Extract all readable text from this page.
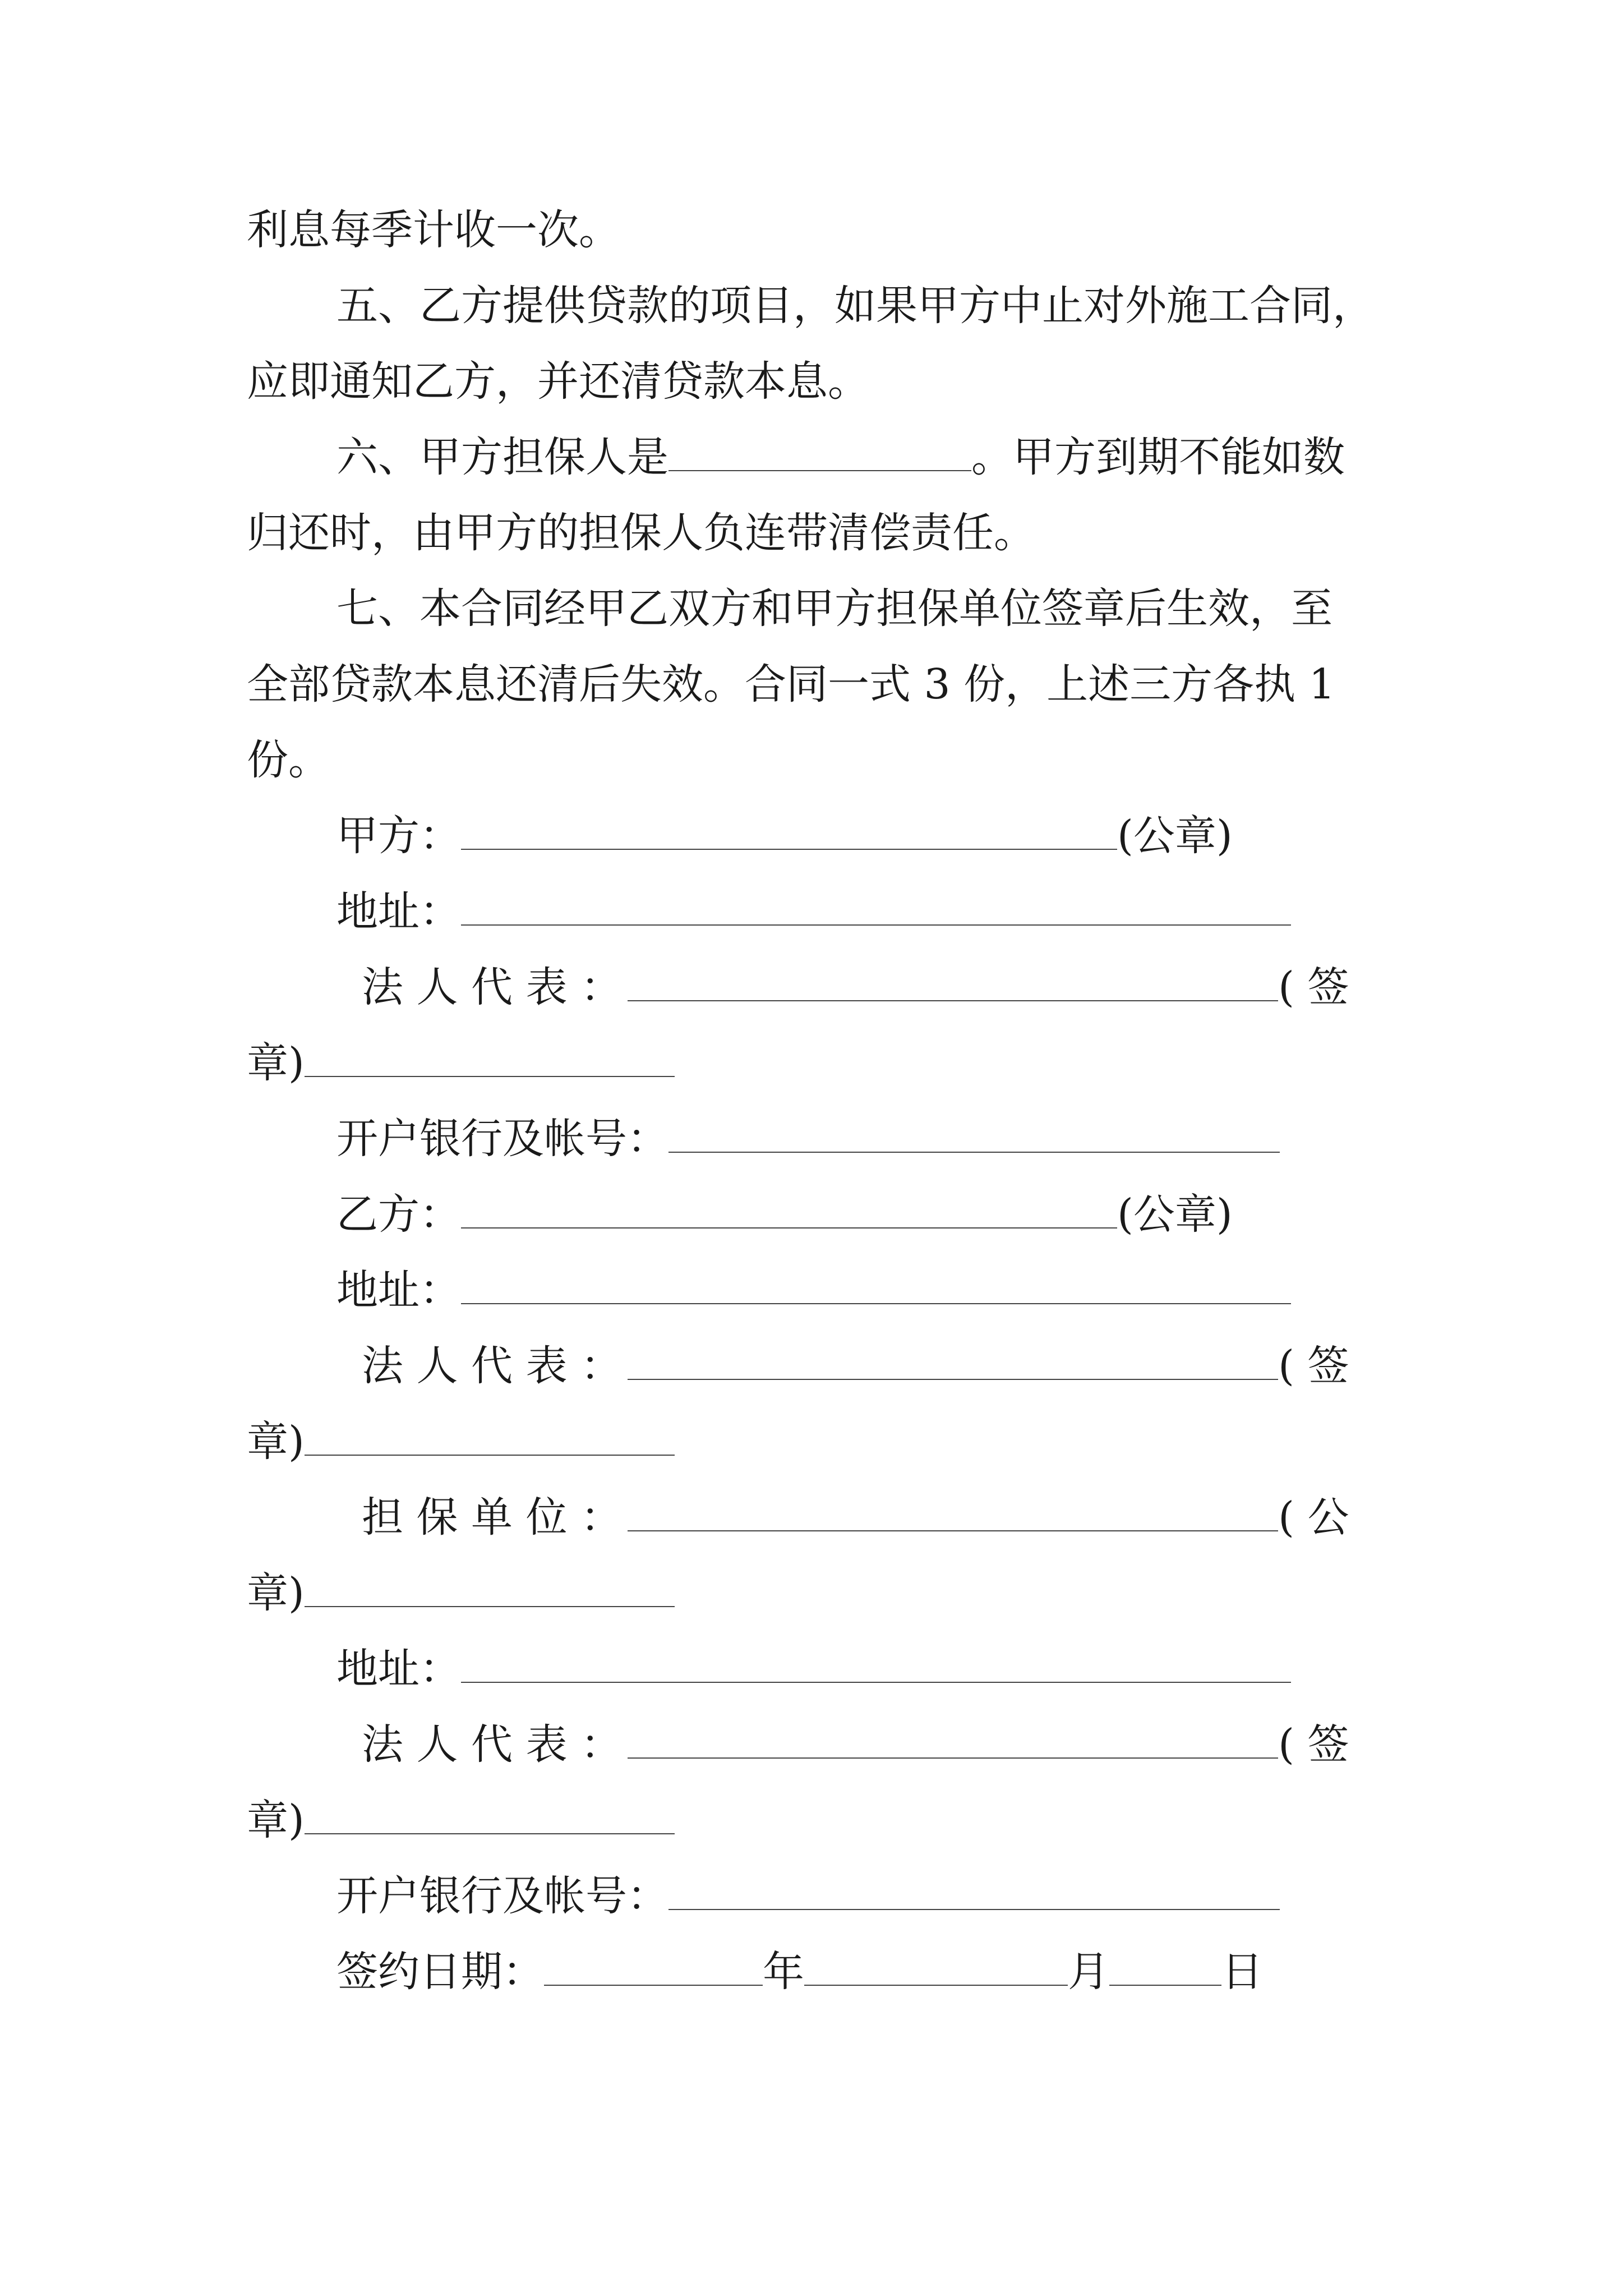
利息每季计收一次。
五、乙方提供贷款的项目，如果甲方中止对外施工合同，
应即通知乙方，并还清贷款本息。
六、甲方担保人是	。甲方到期不能如数
归还时，由甲方的担保人负连带清偿责任。
七、本合同经甲乙双方和甲方担保单位签章后生效，至
全部贷款本息还清后失效。合同一式 3 份，上述三方各执 1
份。
甲方：	(公章)
地址：
法 人 代 表 ：	( 签
章)
开户银行及帐号：
乙方：	(公章)
地址：
法 人 代 表 ：	( 签
章)
担 保 单 位 ：	( 公
章)
地址：
法 人 代 表 ：	( 签
章)
开户银行及帐号：
签约日期：	年	月	日
